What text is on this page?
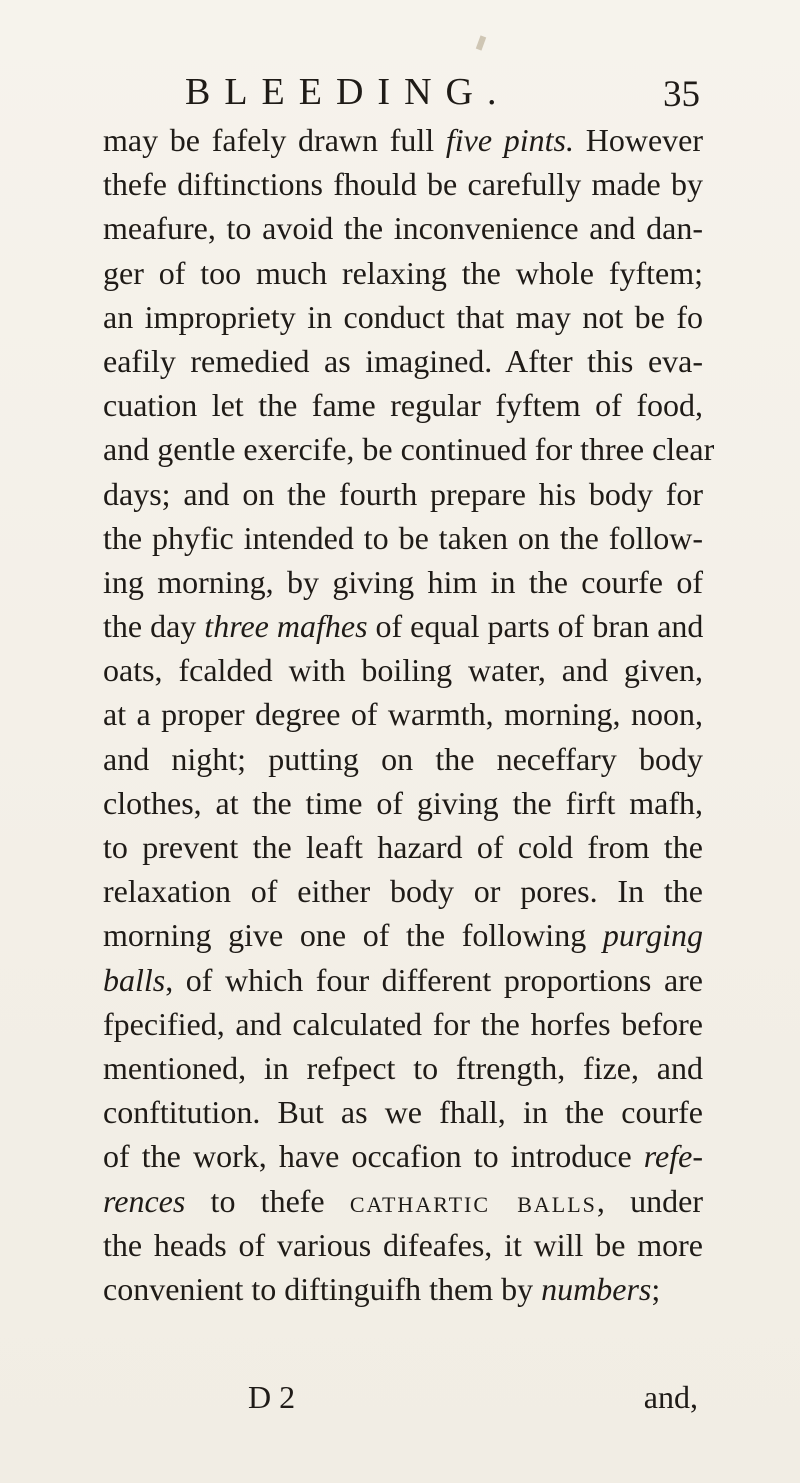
BLEEDING.	35
may be fafely drawn full five pints. However
thefe diftinctions fhould be carefully made by
meafure, to avoid the inconvenience and dan-
ger of too much relaxing the whole fyftem;
an impropriety in conduct that may not be fo
eafily remedied as imagined. After this eva-
cuation let the fame regular fyftem of food,
and gentle exercife, be continued for three clear
days; and on the fourth prepare his body for
the phyfic intended to be taken on the follow-
ing morning, by giving him in the courfe of
the day three mafhes of equal parts of bran and
oats, fcalded with boiling water, and given,
at a proper degree of warmth, morning, noon,
and night; putting on the neceffary body
clothes, at the time of giving the firft mafh,
to prevent the leaft hazard of cold from the
relaxation of either body or pores. In the
morning give one of the following purging
balls, of which four different proportions are
fpecified, and calculated for the horfes before
mentioned, in refpect to ftrength, fize, and
conftitution. But as we fhall, in the courfe
of the work, have occafion to introduce refe-
rences to thefe cathartic balls, under
the heads of various difeafes, it will be more
convenient to diftinguifh them by numbers;
D 2	and,
